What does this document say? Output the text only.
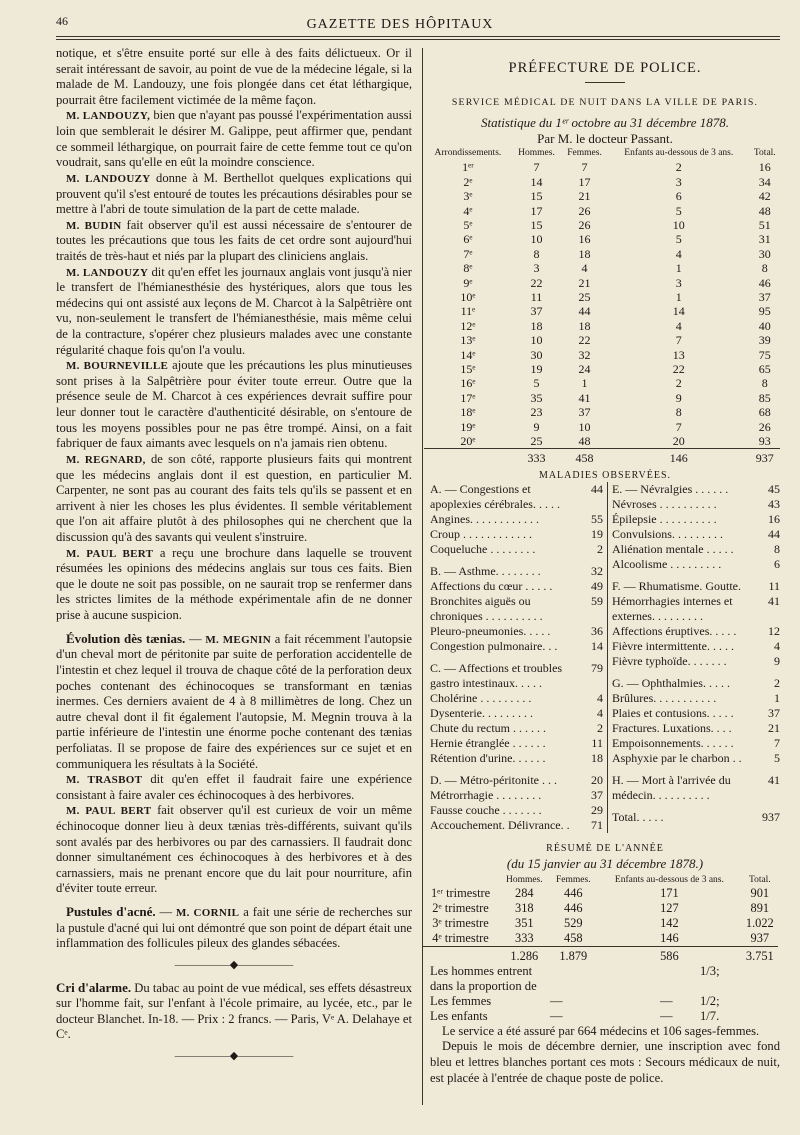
46	GAZETTE DES HÔPITAUX

notique, et s'être ensuite porté sur elle à des faits délictueux. Or il serait intéressant de savoir, au point de vue de la médecine légale, si la malade de M. Landouzy, une fois plongée dans cet état léthargique, pourrait être facilement victimée de la même façon.

M. LANDOUZY, bien que n'ayant pas poussé l'expérimentation aussi loin que semblerait le désirer M. Galippe, peut affirmer que, pendant ce sommeil léthargique, on pourrait faire de cette femme tout ce qu'on voudrait, sans qu'elle en eût la moindre conscience.

M. LANDOUZY donne à M. Berthellot quelques explications qui prouvent qu'il s'est entouré de toutes les précautions désirables pour se mettre à l'abri de toute simulation de la part de cette malade.

M. BUDIN fait observer qu'il est aussi nécessaire de s'entourer de toutes les précautions que tous les faits de cet ordre sont aujourd'hui traités de très-haut et niés par la plupart des cliniciens anglais.

M. LANDOUZY dit qu'en effet les journaux anglais vont jusqu'à nier le transfert de l'hémianesthésie des hystériques, alors que tous les médecins qui ont assisté aux leçons de M. Charcot à la Salpêtrière ont vu, non-seulement le transfert de l'hémianesthésie, mais même celui de la contracture, s'opérer chez plusieurs malades avec une constante régularité chaque fois qu'on l'a voulu.

M. BOURNEVILLE ajoute que les précautions les plus minutieuses sont prises à la Salpêtrière pour éviter toute erreur. Outre que la présence seule de M. Charcot à ces expériences devrait suffire pour leur donner tout le caractère d'authenticité désirable, on s'entoure de tous les moyens possibles pour ne pas être trompé. Ainsi, on a fait fabriquer de faux aimants avec lesquels on n'a jamais rien obtenu.

M. REGNARD, de son côté, rapporte plusieurs faits qui montrent que les médecins anglais dont il est question, en particulier M. Carpenter, ne sont pas au courant des faits tels qu'ils se passent et en arrivent à nier les choses les plus évidentes. Il semble véritablement que l'on ait affaire plutôt à des philosophes qui ne cherchent que la discussion qu'à des savants qui veulent s'instruire.

M. PAUL BERT a reçu une brochure dans laquelle se trouvent résumées les opinions des médecins anglais sur tous ces faits. Bien que le doute ne soit pas possible, on ne saurait trop se renfermer dans les strictes limites de la méthode expérimentale afin de ne donner prise à aucune suspicion.

Évolution dès tænias. — M. MEGNIN a fait récemment l'autopsie d'un cheval mort de péritonite par suite de perforation accidentelle de l'intestin et chez lequel il trouva de chaque côté de la perforation deux poches contenant des échinocoques se transformant en tænias inermes. Ces derniers avaient de 4 à 8 millimètres de long. Chez un autre cheval dont il fit également l'autopsie, M. Megnin trouva à la partie inférieure de l'intestin une énorme poche contenant des tænias perfoliatas. Il se propose de faire des expériences sur ce sujet et en communiquera les résultats à la Société.

M. TRASBOT dit qu'en effet il faudrait faire une expérience consistant à faire avaler ces échinocoques à des herbivores.

M. PAUL BERT fait observer qu'il est curieux de voir un même échinocoque donner lieu à deux tænias très-différents, suivant qu'ils sont avalés par des herbivores ou par des carnassiers. Il faudrait donc donner simultanément ces échinocoques à des herbivores et à des carnassiers, mais ne prenant encore que du lait pour nourriture, afin d'éviter toute erreur.

Pustules d'acné. — M. CORNIL a fait une série de recherches sur la pustule d'acné qui lui ont démontré que son point de départ était une inflammation des follicules pileux des glandes sébacées.

—————◆—————

Cri d'alarme. Du tabac au point de vue médical, ses effets désastreux sur l'homme fait, sur l'enfant à l'école primaire, au lycée, etc., par le docteur Blanchet. In-18. — Prix : 2 francs. — Paris, Vᵉ A. Delahaye et Cᵉ.

—————◆—————
PRÉFECTURE DE POLICE.
SERVICE MÉDICAL DE NUIT DANS LA VILLE DE PARIS.
Statistique du 1ᵉʳ octobre au 31 décembre 1878.
Par M. le docteur Passant.
Arrondissements.	Hommes.	Femmes.	Enfants au-dessous de 3 ans.	Total.
1ᵉʳ	7	7	2	16
2ᵉ	14	17	3	34
3ᵉ	15	21	6	42
4ᵉ	17	26	5	48
5ᵉ	15	26	10	51
6ᵉ	10	16	5	31
7ᵉ	8	18	4	30
8ᵉ	3	4	1	8
9ᵉ	22	21	3	46
10ᵉ	11	25	1	37
11ᵉ	37	44	14	95
12ᵉ	18	18	4	40
13ᵉ	10	22	7	39
14ᵉ	30	32	13	75
15ᵉ	19	24	22	65
16ᵉ	5	1	2	8
17ᵉ	35	41	9	85
18ᵉ	23	37	8	68
19ᵉ	9	10	7	26
20ᵉ	25	48	20	93
	333	458	146	937
MALADIES OBSERVÉES.
A. — Congestions et apoplexies cérébrales. . . . .
44
Angines. . . . . . . . . . . .	55
Croup . . . . . . . . . . . .	19
Coqueluche . . . . . . . .	2
B. — Asthme. . . . . . . .	32
Affections du cœur . . . . .	49
Bronchites aiguës ou chroniques . . . . . . . . . .
59
Pleuro-pneumonies. . . . .	36
Congestion pulmonaire. . .	14
C. — Affections et troubles gastro intestinaux. . . . .
79
Cholérine . . . . . . . . .	4
Dysenterie. . . . . . . . .	4
Chute du rectum . . . . . .	2
Hernie étranglée . . . . . .	11
Rétention d'urine. . . . . .	18
D. — Métro-péritonite . . .	20
Métrorrhagie . . . . . . . .	37
Fausse couche . . . . . . .	29
Accouchement. Délivrance. .	71
E. — Névralgies . . . . . .	45
Névroses . . . . . . . . . .	43
Épilepsie . . . . . . . . . .	16
Convulsions. . . . . . . . .	44
Aliénation mentale . . . . .	8
Alcoolisme . . . . . . . . .	6
F. — Rhumatisme. Goutte.	11
Hémorrhagies internes et externes. . . . . . . . .
41
Affections éruptives. . . . .	12
Fièvre intermittente. . . . .	4
Fièvre typhoïde. . . . . . .	9
G. — Ophthalmies. . . . .	2
Brûlures. . . . . . . . . . .	1
Plaies et contusions. . . . .	37
Fractures. Luxations. . . .	21
Empoisonnements. . . . . .	7
Asphyxie par le charbon . .	5
H. — Mort à l'arrivée du médecin. . . . . . . . . .
41
Total. . . . .	937
RÉSUMÉ DE L'ANNÉE
(du 15 janvier au 31 décembre 1878.)
	Hommes.	Femmes.	Enfants au-dessous de 3 ans.	Total.
1ᵉʳ trimestre	284	446	171	901
2ᵉ trimestre	318	446	127	891
3ᵉ trimestre	351	529	142	1.022
4ᵉ trimestre	333	458	146	937
	1.286	1.879	586	3.751
Les hommes entrent dans la proportion de
1/3;
Les femmes	—	—	1/2;
Les enfants	—	—	1/7.

Le service a été assuré par 664 médecins et 106 sages-femmes.

Depuis le mois de décembre dernier, une inscription avec fond bleu et lettres blanches portant ces mots : Secours médicaux de nuit, est placée à l'entrée de chaque poste de police.
